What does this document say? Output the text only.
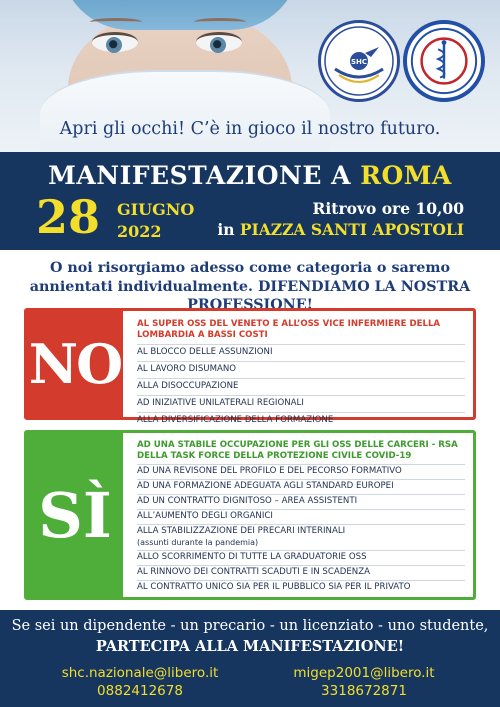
SHC
Apri gli occhi! C’è in gioco il nostro futuro.
MANIFESTAZIONE A ROMA
28 GIUGNO
2022
Ritrovo ore 10,00
in PIAZZA SANTI APOSTOLI
O noi risorgiamo adesso come categoria o saremo annientati individualmente. DIFENDIAMO LA NOSTRA PROFESSIONE!
NO
AL SUPER OSS DEL VENETO E ALL’OSS VICE INFERMIERE DELLA LOMBARDIA A BASSI COSTI
AL BLOCCO DELLE ASSUNZIONI
AL LAVORO DISUMANO
ALLA DISOCCUPAZIONE
AD INIZIATIVE UNILATERALI REGIONALI
ALLA DIVERSIFICAZIONE DELLA FORMAZIONE
SÌ
AD UNA STABILE OCCUPAZIONE PER GLI OSS DELLE CARCERI - RSA DELLA TASK FORCE DELLA PROTEZIONE CIVILE COVID-19
AD UNA REVISONE DEL PROFILO E DEL PECORSO FORMATIVO
AD UNA FORMAZIONE ADEGUATA AGLI STANDARD EUROPEI
AD UN CONTRATTO DIGNITOSO – AREA ASSISTENTI
ALL’AUMENTO DEGLI ORGANICI
ALLA STABILIZZAZIONE DEI PRECARI INTERINALI
(assunti durante la pandemia)
ALLO SCORRIMENTO DI TUTTE LA GRADUATORIE OSS
AL RINNOVO DEI CONTRATTI SCADUTI E IN SCADENZA
AL CONTRATTO UNICO SIA PER IL PUBBLICO SIA PER IL PRIVATO
Se sei un dipendente - un precario - un licenziato - uno studente,
PARTECIPA ALLA MANIFESTAZIONE!
shc.nazionale@libero.it
0882412678
migep2001@libero.it
3318672871
